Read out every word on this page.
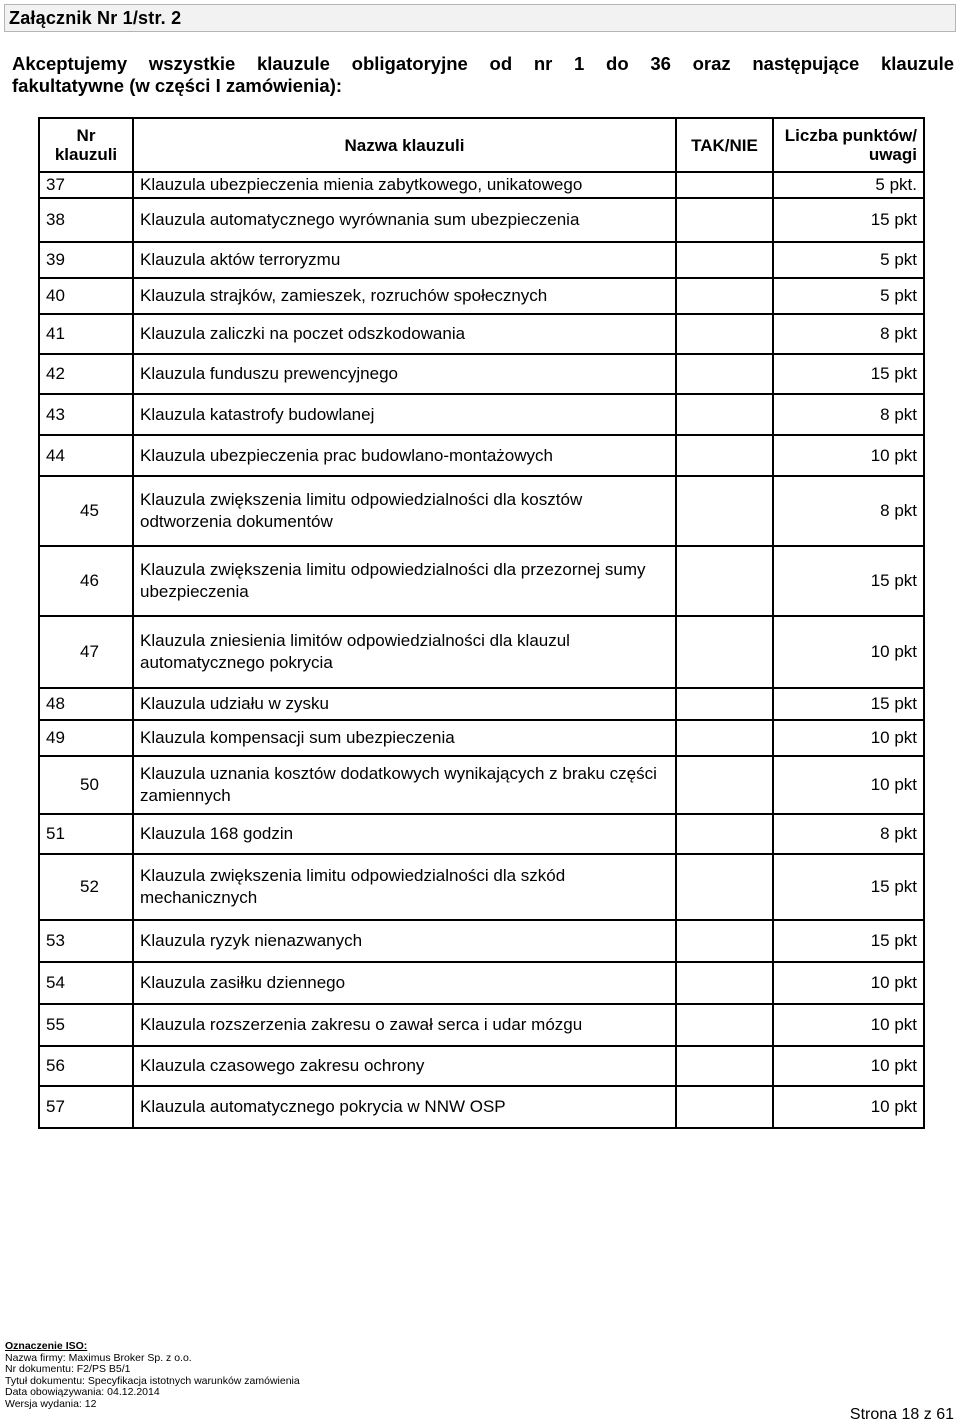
Załącznik Nr 1/str. 2
Akceptujemy wszystkie klauzule obligatoryjne od nr 1 do 36 oraz następujące klauzule
fakultatywne (w części I zamówienia):
Nr klauzuli	Nazwa klauzuli	TAK/NIE	Liczba punktów/ uwagi
37	Klauzula ubezpieczenia mienia zabytkowego, unikatowego		5 pkt.
38	Klauzula automatycznego wyrównania sum ubezpieczenia		15 pkt
39	Klauzula aktów terroryzmu		5 pkt
40	Klauzula strajków, zamieszek, rozruchów społecznych		5 pkt
41	Klauzula zaliczki na poczet odszkodowania		8 pkt
42	Klauzula funduszu prewencyjnego		15 pkt
43	Klauzula katastrofy budowlanej		8 pkt
44	Klauzula ubezpieczenia prac budowlano-montażowych		10 pkt
45	Klauzula zwiększenia limitu odpowiedzialności dla kosztów odtworzenia dokumentów		8 pkt
46	Klauzula zwiększenia limitu odpowiedzialności dla przezornej sumy ubezpieczenia		15 pkt
47	Klauzula zniesienia limitów odpowiedzialności dla klauzul automatycznego pokrycia		10 pkt
48	Klauzula udziału w zysku		15 pkt
49	Klauzula kompensacji sum ubezpieczenia		10 pkt
50	Klauzula uznania kosztów dodatkowych wynikających z braku części zamiennych		10 pkt
51	Klauzula 168 godzin		8 pkt
52	Klauzula zwiększenia limitu odpowiedzialności dla szkód mechanicznych		15 pkt
53	Klauzula ryzyk nienazwanych		15 pkt
54	Klauzula zasiłku dziennego		10 pkt
55	Klauzula rozszerzenia zakresu o zawał serca i udar mózgu		10 pkt
56	Klauzula czasowego zakresu ochrony		10 pkt
57	Klauzula automatycznego pokrycia w NNW OSP		10 pkt
Oznaczenie ISO:
Nazwa firmy: Maximus Broker Sp. z o.o.
Nr dokumentu: F2/PS B5/1
Tytuł dokumentu: Specyfikacja istotnych warunków zamówienia
Data obowiązywania: 04.12.2014
Wersja wydania: 12
Strona 18 z 61
